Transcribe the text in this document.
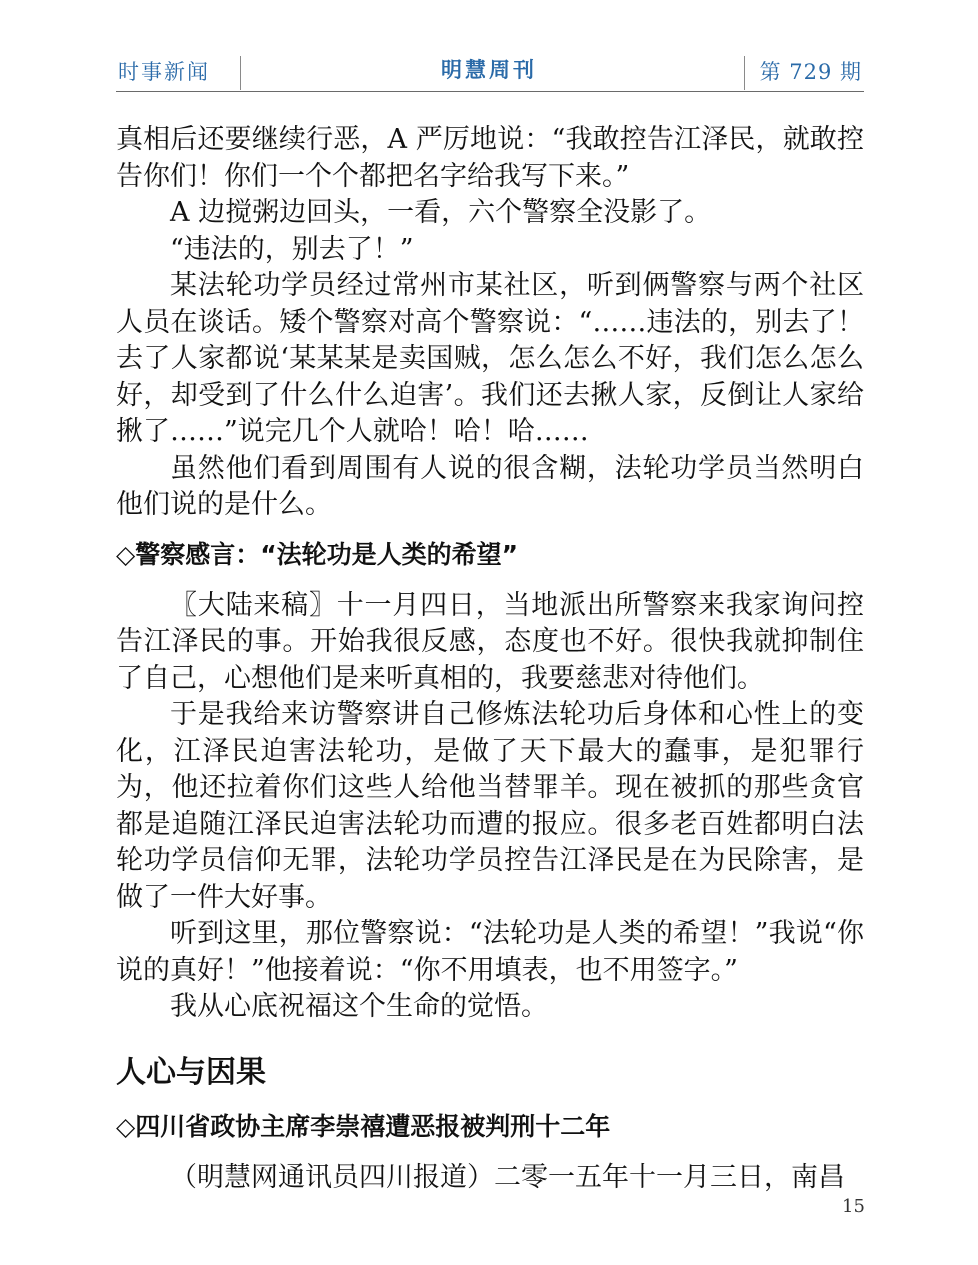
时事新闻	明慧周刊	第 729 期

真相后还要继续行恶，A 严厉地说：“我敢控告江泽民，就敢控告你们！你们一个个都把名字给我写下来。”

A 边搅粥边回头，一看，六个警察全没影了。

“违法的，别去了！”

某法轮功学员经过常州市某社区，听到俩警察与两个社区人员在谈话。矮个警察对高个警察说：“……违法的，别去了！去了人家都说‘某某某是卖国贼，怎么怎么不好，我们怎么怎么好，却受到了什么什么迫害’。我们还去揪人家，反倒让人家给揪了……”说完几个人就哈！哈！哈……

虽然他们看到周围有人说的很含糊，法轮功学员当然明白他们说的是什么。

◇警察感言：“法轮功是人类的希望”

〖大陆来稿〗十一月四日，当地派出所警察来我家询问控告江泽民的事。开始我很反感，态度也不好。很快我就抑制住了自己，心想他们是来听真相的，我要慈悲对待他们。

于是我给来访警察讲自己修炼法轮功后身体和心性上的变化，江泽民迫害法轮功，是做了天下最大的蠢事，是犯罪行为，他还拉着你们这些人给他当替罪羊。现在被抓的那些贪官都是追随江泽民迫害法轮功而遭的报应。很多老百姓都明白法轮功学员信仰无罪，法轮功学员控告江泽民是在为民除害，是做了一件大好事。

听到这里，那位警察说：“法轮功是人类的希望！”我说“你说的真好！”他接着说：“你不用填表，也不用签字。”

我从心底祝福这个生命的觉悟。

人心与因果

◇四川省政协主席李崇禧遭恶报被判刑十二年

（明慧网通讯员四川报道）二零一五年十一月三日，南昌

15
